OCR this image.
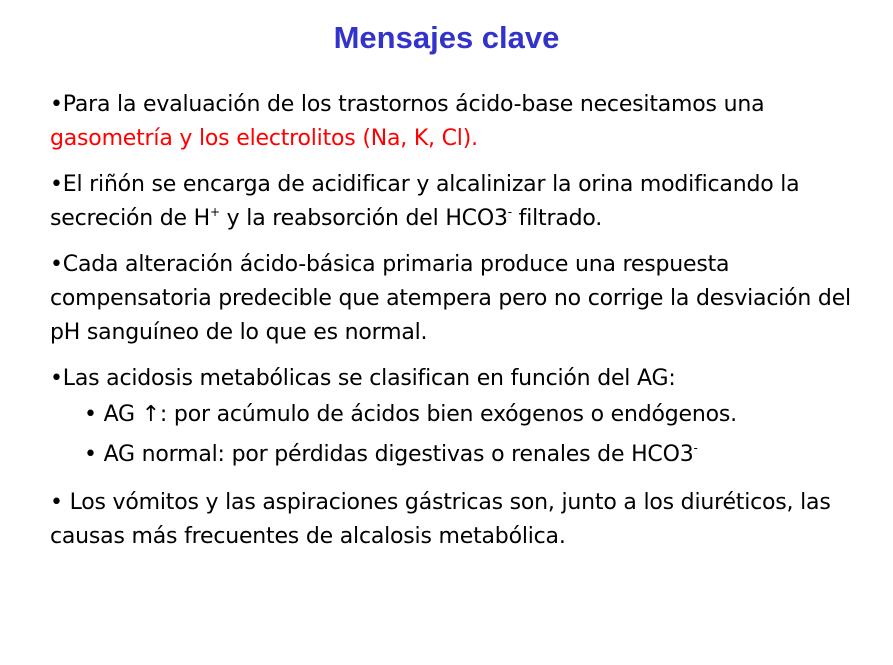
Mensajes clave

•Para la evaluación de los trastornos ácido-base necesitamos una gasometría y los electrolitos (Na, K, Cl).

•El riñón se encarga de acidificar y alcalinizar la orina modificando la secreción de H+ y la reabsorción del HCO3- filtrado.

•Cada alteración ácido-básica primaria produce una respuesta compensatoria predecible que atempera pero no corrige la desviación del pH sanguíneo de lo que es normal.

•Las acidosis metabólicas se clasifican en función del AG:

• AG ↑: por acúmulo de ácidos bien exógenos o endógenos.

• AG normal: por pérdidas digestivas o renales de HCO3-

• Los vómitos y las aspiraciones gástricas son, junto a los diuréticos, las causas más frecuentes de alcalosis metabólica.
